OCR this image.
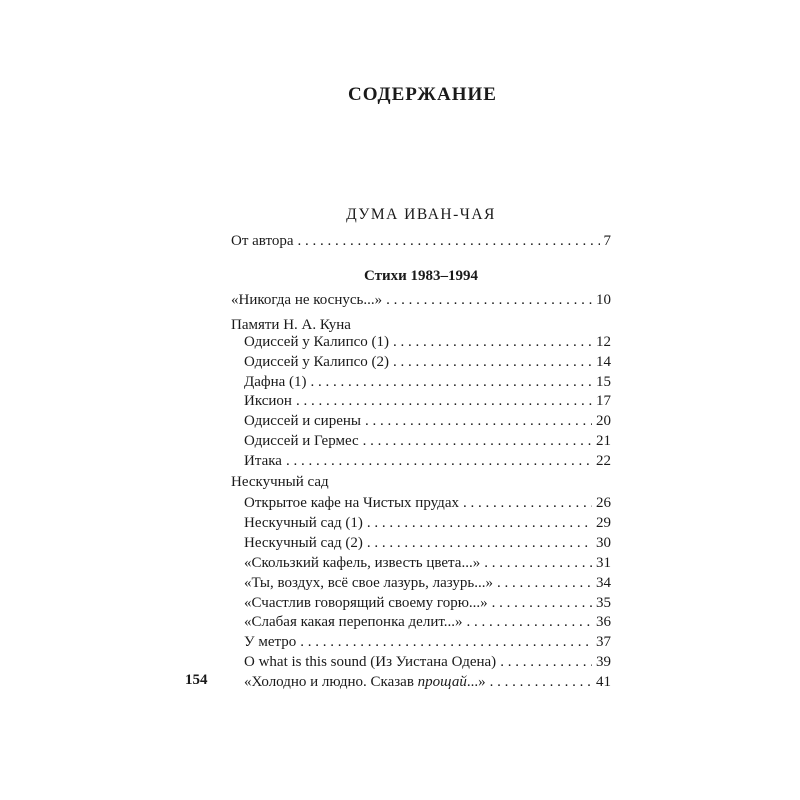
СОДЕРЖАНИЕ
ДУМА ИВАН-ЧАЯ
От автора . . .	7
Стихи 1983–1994
«Никогда не коснусь...» . . .	10
Памяти Н. А. Куна
Одиссей у Калипсо (1) . . .	12
Одиссей у Калипсо (2) . . .	14
Дафна (1) . . .	15
Иксион . . .	17
Одиссей и сирены . . .	20
Одиссей и Гермес . . .	21
Итака . . .	22
Нескучный сад
Открытое кафе на Чистых прудах . . .	26
Нескучный сад (1) . . .	29
Нескучный сад (2) . . .	30
«Скользкий кафель, известь цвета...» . . .	31
«Ты, воздух, всё свое лазурь, лазурь...» . . .	34
«Счастлив говорящий своему горю...» . . .	35
«Слабая какая перепонка делит...» . . .	36
У метро . . .	37
O what is this sound (Из Уистана Одена) . . .	39
«Холодно и людно. Сказав прощай...» . . .	41
154
